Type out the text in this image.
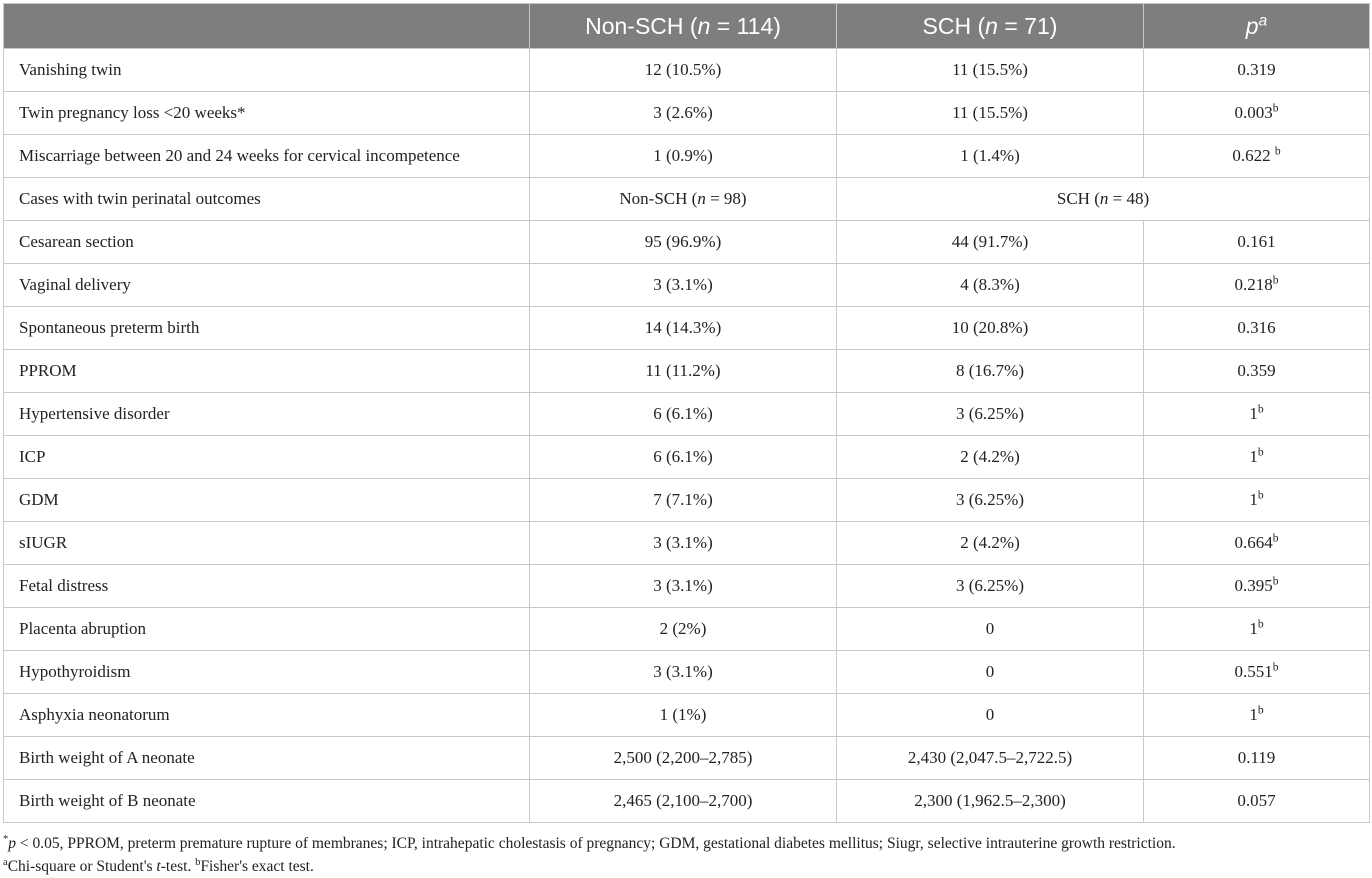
	Non-SCH (n = 114)	SCH (n = 71)	$p^a$
Vanishing twin	12 (10.5%)	11 (15.5%)	0.319
Twin pregnancy loss <20 weeks*	3 (2.6%)	11 (15.5%)	0.003$^b$
Miscarriage between 20 and 24 weeks for cervical incompetence	1 (0.9%)	1 (1.4%)	0.622 $^b$
Cases with twin perinatal outcomes	Non-SCH (n = 98)	SCH (n = 48)	
Cesarean section	95 (96.9%)	44 (91.7%)	0.161
Vaginal delivery	3 (3.1%)	4 (8.3%)	0.218$^b$
Spontaneous preterm birth	14 (14.3%)	10 (20.8%)	0.316
PPROM	11 (11.2%)	8 (16.7%)	0.359
Hypertensive disorder	6 (6.1%)	3 (6.25%)	1$^b$
ICP	6 (6.1%)	2 (4.2%)	1$^b$
GDM	7 (7.1%)	3 (6.25%)	1$^b$
sIUGR	3 (3.1%)	2 (4.2%)	0.664$^b$
Fetal distress	3 (3.1%)	3 (6.25%)	0.395$^b$
Placenta abruption	2 (2%)	0	1$^b$
Hypothyroidism	3 (3.1%)	0	0.551$^b$
Asphyxia neonatorum	1 (1%)	0	1$^b$
Birth weight of A neonate	2,500 (2,200–2,785)	2,430 (2,047.5–2,722.5)	0.119
Birth weight of B neonate	2,465 (2,100–2,700)	2,300 (1,962.5–2,300)	0.057

*p < 0.05, PPROM, preterm premature rupture of membranes; ICP, intrahepatic cholestasis of pregnancy; GDM, gestational diabetes mellitus; Siugr, selective intrauterine growth restriction.

$^a$Chi-square or Student's t-test. $^b$Fisher's exact test.
